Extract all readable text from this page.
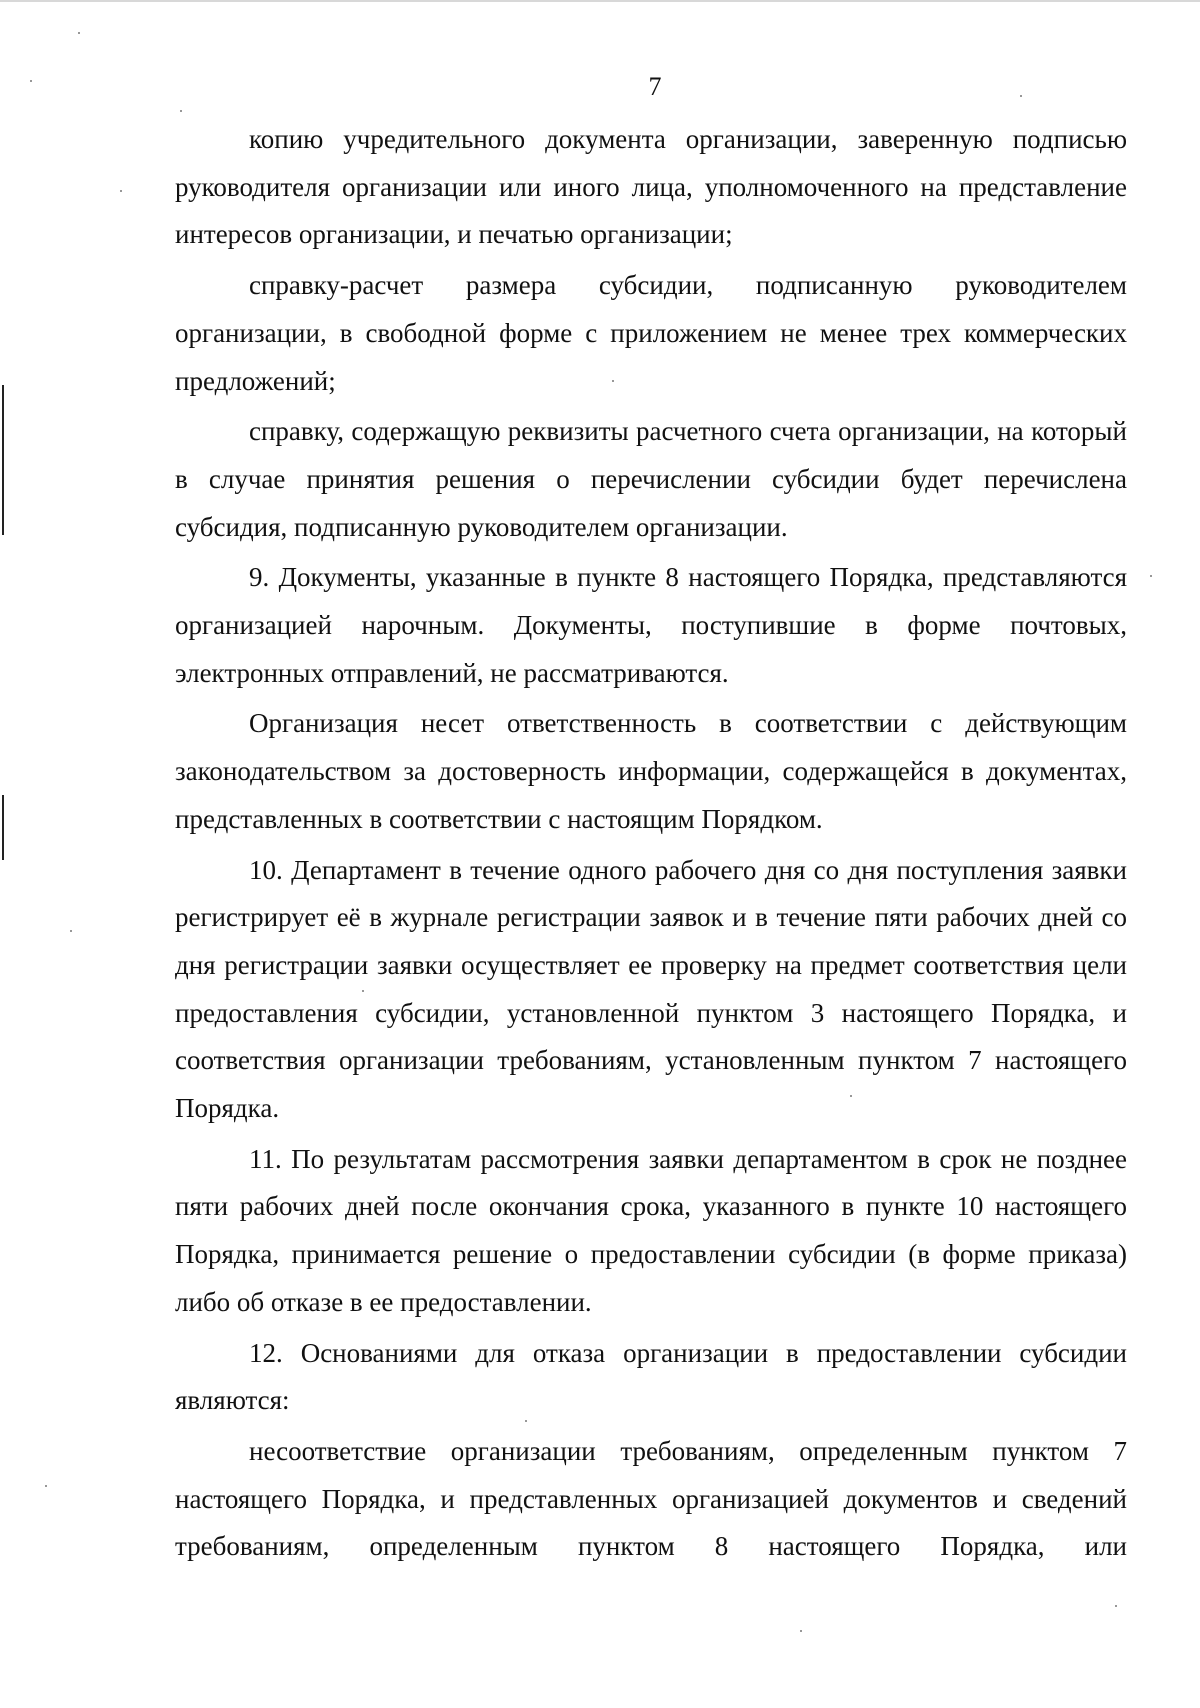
7

копию учредительного документа организации, заверенную подписью руководителя организации или иного лица, уполномоченного на представление интересов организации, и печатью организации;

справку-расчет размера субсидии, подписанную руководителем организации, в свободной форме с приложением не менее трех коммерческих предложений;

справку, содержащую реквизиты расчетного счета организации, на который в случае принятия решения о перечислении субсидии будет перечислена субсидия, подписанную руководителем организации.

9. Документы, указанные в пункте 8 настоящего Порядка, представляются организацией нарочным. Документы, поступившие в форме почтовых, электронных отправлений, не рассматриваются.

Организация несет ответственность в соответствии с действующим законодательством за достоверность информации, содержащейся в документах, представленных в соответствии с настоящим Порядком.

10. Департамент в течение одного рабочего дня со дня поступления заявки регистрирует её в журнале регистрации заявок и в течение пяти рабочих дней со дня регистрации заявки осуществляет ее проверку на предмет соответствия цели предоставления субсидии, установленной пунктом 3 настоящего Порядка, и соответствия организации требованиям, установленным пунктом 7 настоящего Порядка.

11. По результатам рассмотрения заявки департаментом в срок не позднее пяти рабочих дней после окончания срока, указанного в пункте 10 настоящего Порядка, принимается решение о предоставлении субсидии (в форме приказа) либо об отказе в ее предоставлении.

12. Основаниями для отказа организации в предоставлении субсидии являются:

несоответствие организации требованиям, определенным пунктом 7 настоящего Порядка, и представленных организацией документов и сведений требованиям, определенным пунктом 8 настоящего Порядка, или
